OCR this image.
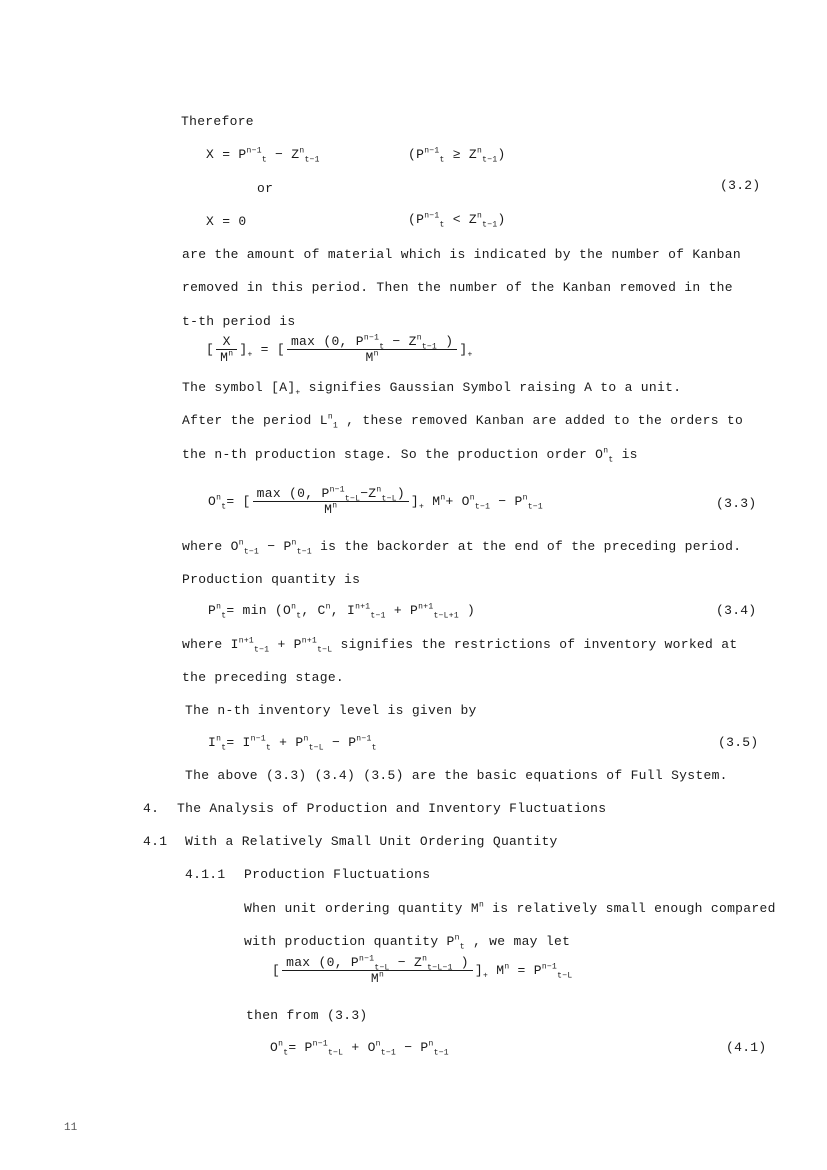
Therefore
$X = P^{n-1}_t - Z^n_{t-1}$	$(P^{n-1}_t \ge Z^n_{t-1})$
or	(3.2)
X = 0	$(P^{n-1}_t < Z^n_{t-1})$
are the amount of material which is indicated by the number of Kanban
removed in this period. Then the number of the Kanban removed in the
t-th period is
[ $\frac{X}{M^n} ]_+$ = [ $\frac{\max (0, P^{n-1}_t - Z^n_{t-1} )}{M^n} ]_+$
The symbol $[A]_+$ signifies Gaussian Symbol raising A to a unit.
After the period $L^n_1$ , these removed Kanban are added to the orders to
the n-th production stage. So the production order $O^n_t$ is
$O^n_t=$ [ $\frac{\max (0, P^{n-1}_{t-L}-Z^n_{t-L})}{M^n} ]_+$ $M^n+ O^n_{t-1} - P^n_{t-1}$	(3.3)
where $O^n_{t-1} - P^n_{t-1}$ is the backorder at the end of the preceding period.
Production quantity is
$P^n_t= \min (O^n_t$, $C^n$, $I^{n+1}_{t-1} + P^{n+1}_{t-L+1}$ )	(3.4)
where $I^{n+1}_{t-1} + P^{n+1}_{t-L}$ signifies the restrictions of inventory worked at
the preceding stage.
The n-th inventory level is given by
$I^n_t= I^{n-1}_t + P^n_{t-L} - P^{n-1}_t$	(3.5)
The above (3.3) (3.4) (3.5) are the basic equations of Full System.
4. The Analysis of Production and Inventory Fluctuations
4.1 With a Relatively Small Unit Ordering Quantity
4.1.1 Production Fluctuations
When unit ordering quantity $M^n$ is relatively small enough compared
with production quantity $P^n_t$ , we may let
[ $\frac{\max (0, P^{n-1}_{t-L} - Z^n_{t-L-1} )}{M^n} ]_+$ $M^n = P^{n-1}_{t-L}$
then from (3.3)
$O^n_t= P^{n-1}_{t-L} + O^n_{t-1} - P^n_{t-1}$	(4.1)
11
